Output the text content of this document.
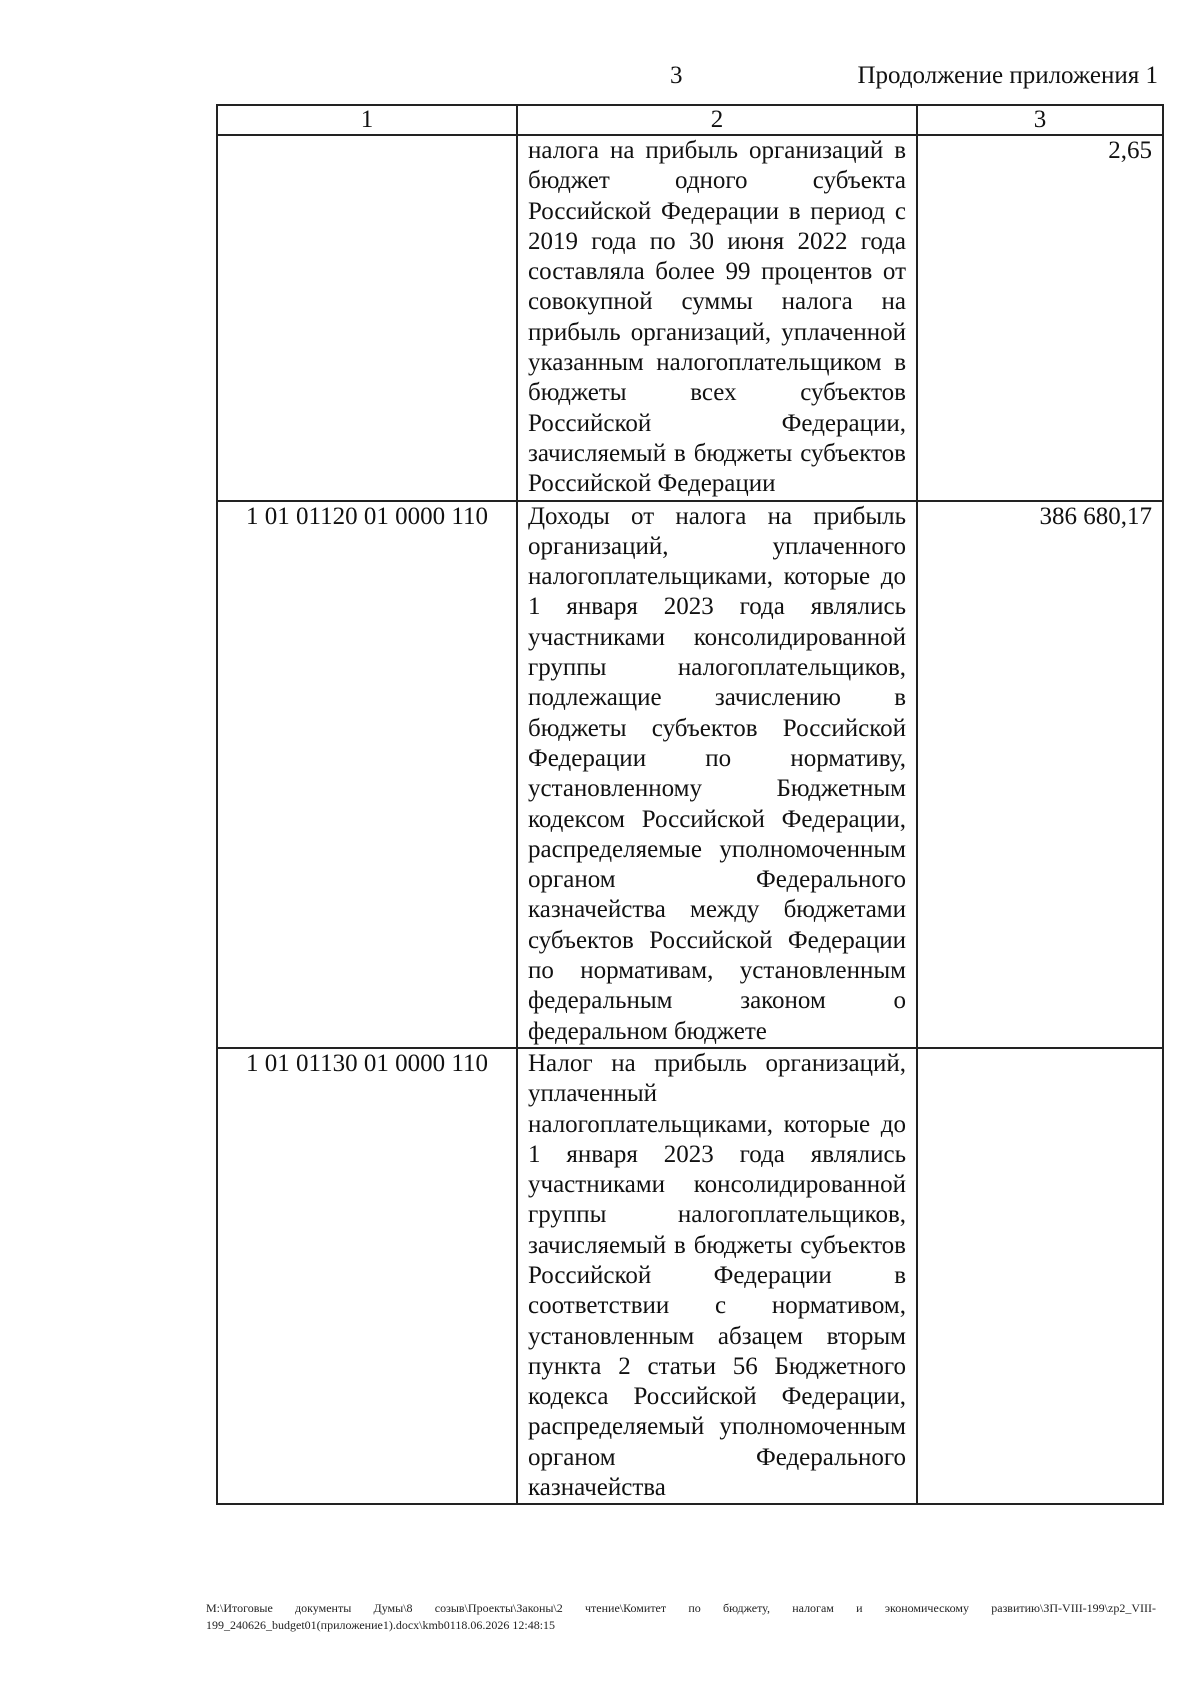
3	Продолжение приложения 1
1	2	3
	налога на прибыль организаций в бюджет одного субъекта Российской Федерации в период с 2019 года по 30 июня 2022 года составляла более 99 процентов от совокупной суммы налога на прибыль организаций, уплаченной указанным налогоплательщиком в бюджеты всех субъектов Российской Федерации, зачисляемый в бюджеты субъектов Российской Федерации	2,65
1 01 01120 01 0000 110	Доходы от налога на прибыль организаций, уплаченного налогоплательщиками, которые до 1 января 2023 года являлись участниками консолидированной группы налогоплательщиков, подлежащие зачислению в бюджеты субъектов Российской Федерации по нормативу, установленному Бюджетным кодексом Российской Федерации, распределяемые уполномоченным органом Федерального казначейства между бюджетами субъектов Российской Федерации по нормативам, установленным федеральным законом о федеральном бюджете	386 680,17
1 01 01130 01 0000 110	Налог на прибыль организаций, уплаченный налогоплательщиками, которые до 1 января 2023 года являлись участниками консолидированной группы налогоплательщиков, зачисляемый в бюджеты субъектов Российской Федерации в соответствии с нормативом, установленным абзацем вторым пункта 2 статьи 56 Бюджетного кодекса Российской Федерации, распределяемый уполномоченным органом Федерального казначейства	
M:\Итоговые документы Думы\8 созыв\Проекты\Законы\2 чтение\Комитет по бюджету, налогам и экономическому развитию\ЗП-VIII-199\zp2_VIII-199_240626_budget01(приложение1).docx\kmb0118.06.2026 12:48:15
